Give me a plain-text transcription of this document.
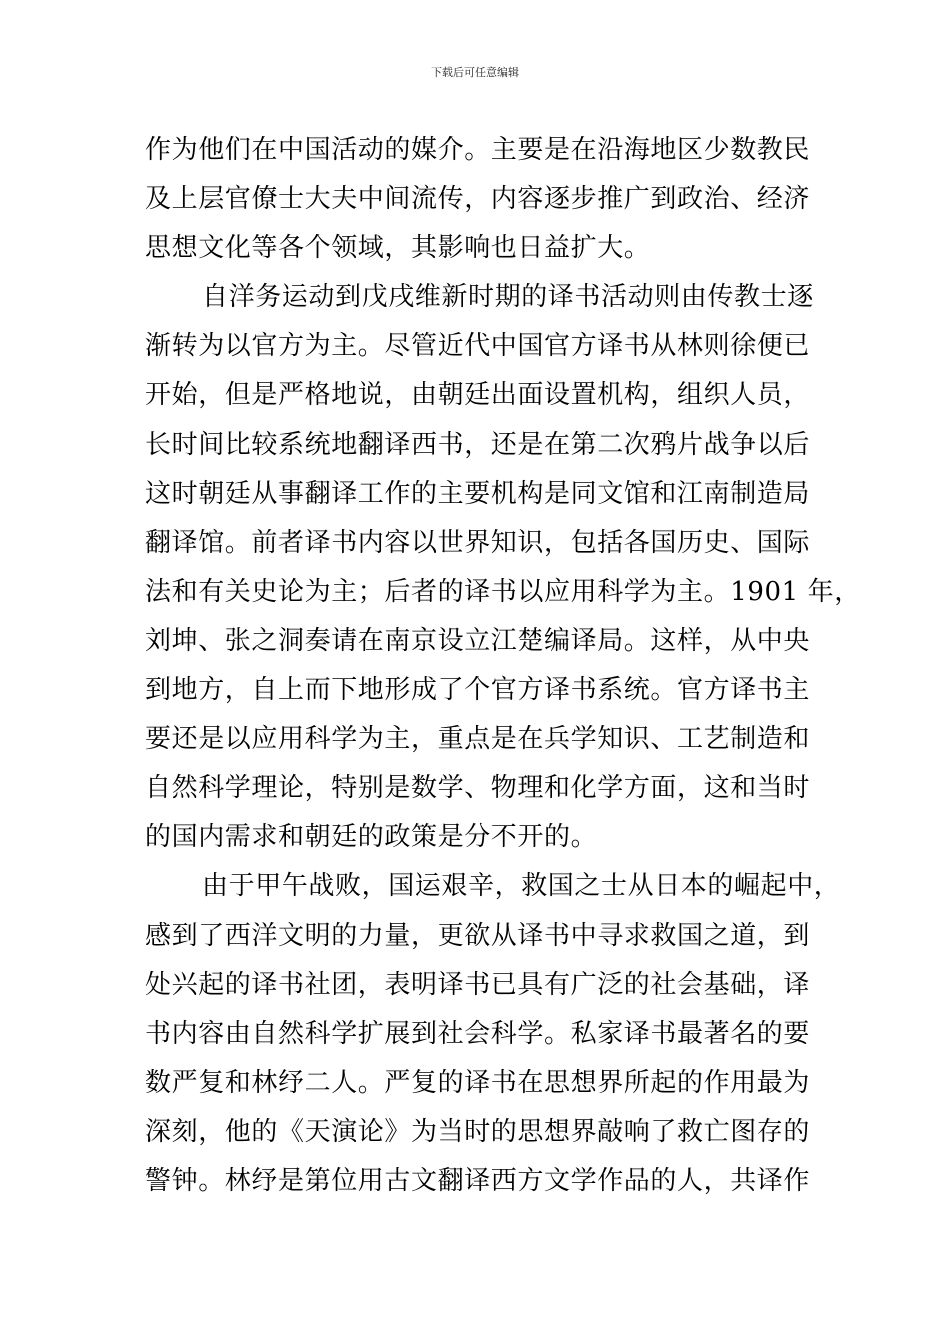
下载后可任意编辑
作为他们在中国活动的媒介。主要是在沿海地区少数教民
及上层官僚士大夫中间流传，内容逐步推广到政治、经济
思想文化等各个领域，其影响也日益扩大。
自洋务运动到戊戌维新时期的译书活动则由传教士逐
渐转为以官方为主。尽管近代中国官方译书从林则徐便已
开始，但是严格地说，由朝廷出面设置机构，组织人员，
长时间比较系统地翻译西书，还是在第二次鸦片战争以后
这时朝廷从事翻译工作的主要机构是同文馆和江南制造局
翻译馆。前者译书内容以世界知识，包括各国历史、国际
法和有关史论为主；后者的译书以应用科学为主。1901 年，
刘坤、张之洞奏请在南京设立江楚编译局。这样，从中央
到地方，自上而下地形成了个官方译书系统。官方译书主
要还是以应用科学为主，重点是在兵学知识、工艺制造和
自然科学理论，特别是数学、物理和化学方面，这和当时
的国内需求和朝廷的政策是分不开的。
由于甲午战败，国运艰辛，救国之士从日本的崛起中，
感到了西洋文明的力量，更欲从译书中寻求救国之道，到
处兴起的译书社团，表明译书已具有广泛的社会基础，译
书内容由自然科学扩展到社会科学。私家译书最著名的要
数严复和林纾二人。严复的译书在思想界所起的作用最为
深刻，他的《天演论》为当时的思想界敲响了救亡图存的
警钟。林纾是第位用古文翻译西方文学作品的人，共译作
